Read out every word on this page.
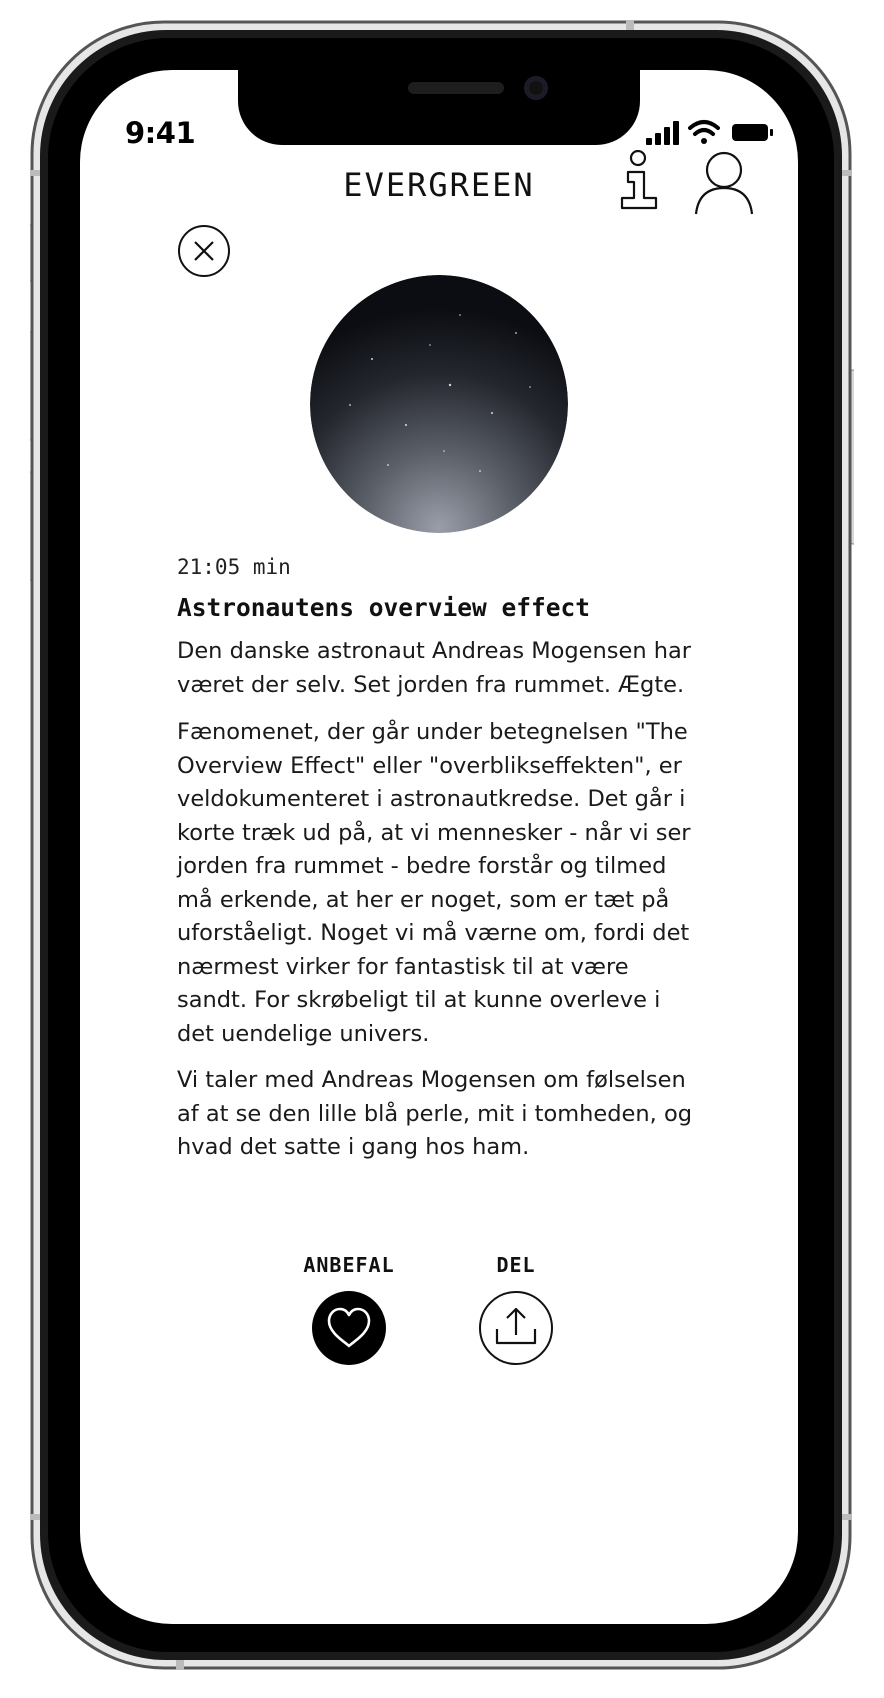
9:41
EVERGREEN
21:05 min
Astronautens overview effect

Den danske astronaut Andreas Mogensen har været der selv. Set jorden fra rummet. Ægte.

Fænomenet, der går under betegnelsen "The Overview Effect" eller "overblikseffekten", er veldokumenteret i astronautkredse. Det går i korte træk ud på, at vi mennesker - når vi ser jorden fra rummet - bedre forstår og tilmed må erkende, at her er noget, som er tæt på uforståeligt. Noget vi må værne om, fordi det nærmest virker for fantastisk til at være sandt. For skrøbeligt til at kunne overleve i det uendelige univers.

Vi taler med Andreas Mogensen om følselsen af at se den lille blå perle, mit i tomheden, og hvad det satte i gang hos ham.

ANBEFAL	DEL
